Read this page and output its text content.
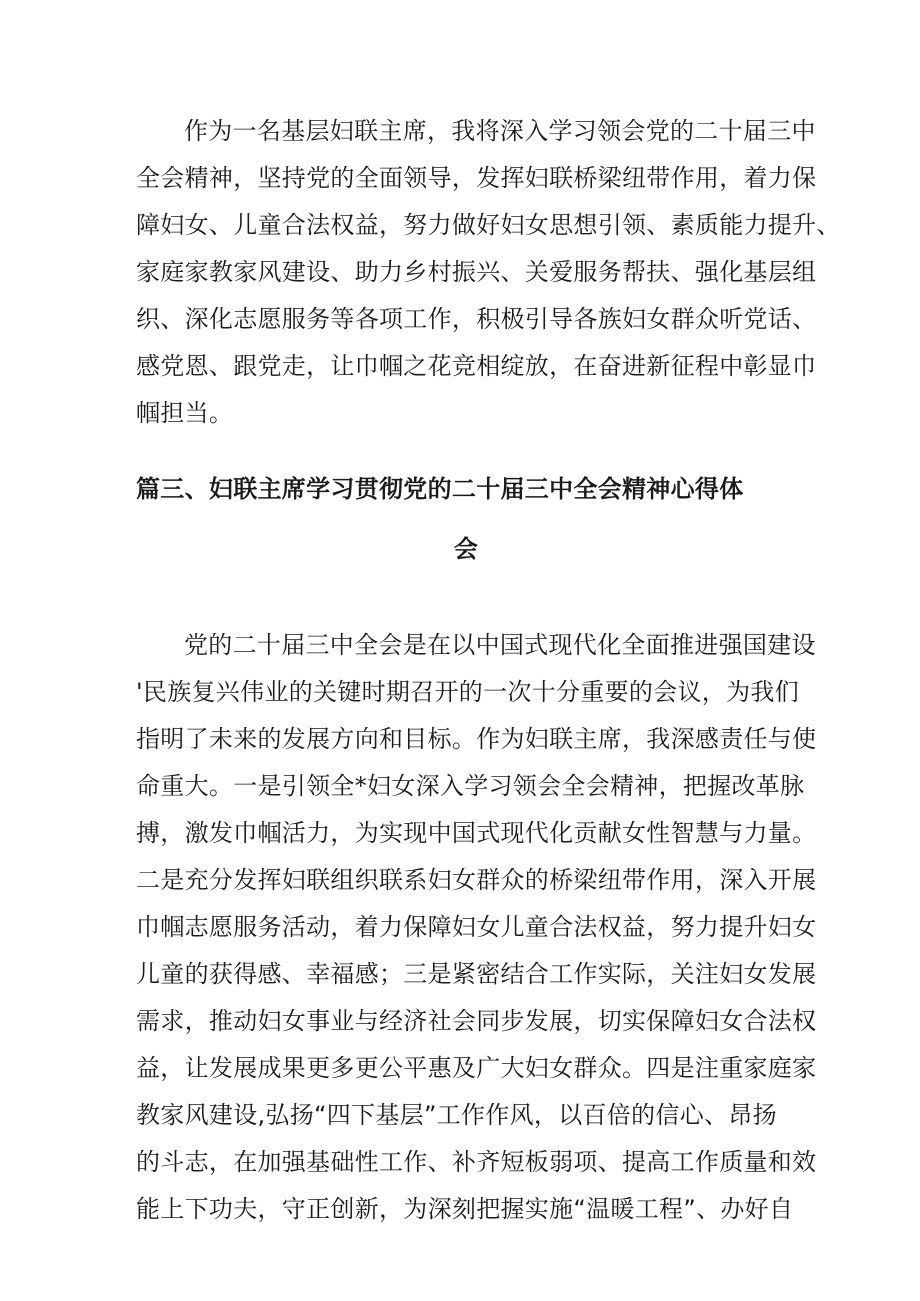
作为一名基层妇联主席，我将深入学习领会党的二十届三中
全会精神，坚持党的全面领导，发挥妇联桥梁纽带作用，着力保
障妇女、儿童合法权益，努力做好妇女思想引领、素质能力提升、
家庭家教家风建设、助力乡村振兴、关爱服务帮扶、强化基层组
织、深化志愿服务等各项工作，积极引导各族妇女群众听党话、
感党恩、跟党走，让巾帼之花竞相绽放，在奋进新征程中彰显巾
帼担当。
篇三、妇联主席学习贯彻党的二十届三中全会精神心得体
会
党的二十届三中全会是在以中国式现代化全面推进强国建设
'民族复兴伟业的关键时期召开的一次十分重要的会议，为我们
指明了未来的发展方向和目标。作为妇联主席，我深感责任与使
命重大。一是引领全*妇女深入学习领会全会精神，把握改革脉
搏，激发巾帼活力，为实现中国式现代化贡献女性智慧与力量。
二是充分发挥妇联组织联系妇女群众的桥梁纽带作用，深入开展
巾帼志愿服务活动，着力保障妇女儿童合法权益，努力提升妇女
儿童的获得感、幸福感；三是紧密结合工作实际，关注妇女发展
需求，推动妇女事业与经济社会同步发展，切实保障妇女合法权
益，让发展成果更多更公平惠及广大妇女群众。四是注重家庭家
教家风建设,弘扬“四下基层”工作作风，以百倍的信心、昂扬
的斗志，在加强基础性工作、补齐短板弱项、提高工作质量和效
能上下功夫，守正创新，为深刻把握实施“温暖工程”、办好自
